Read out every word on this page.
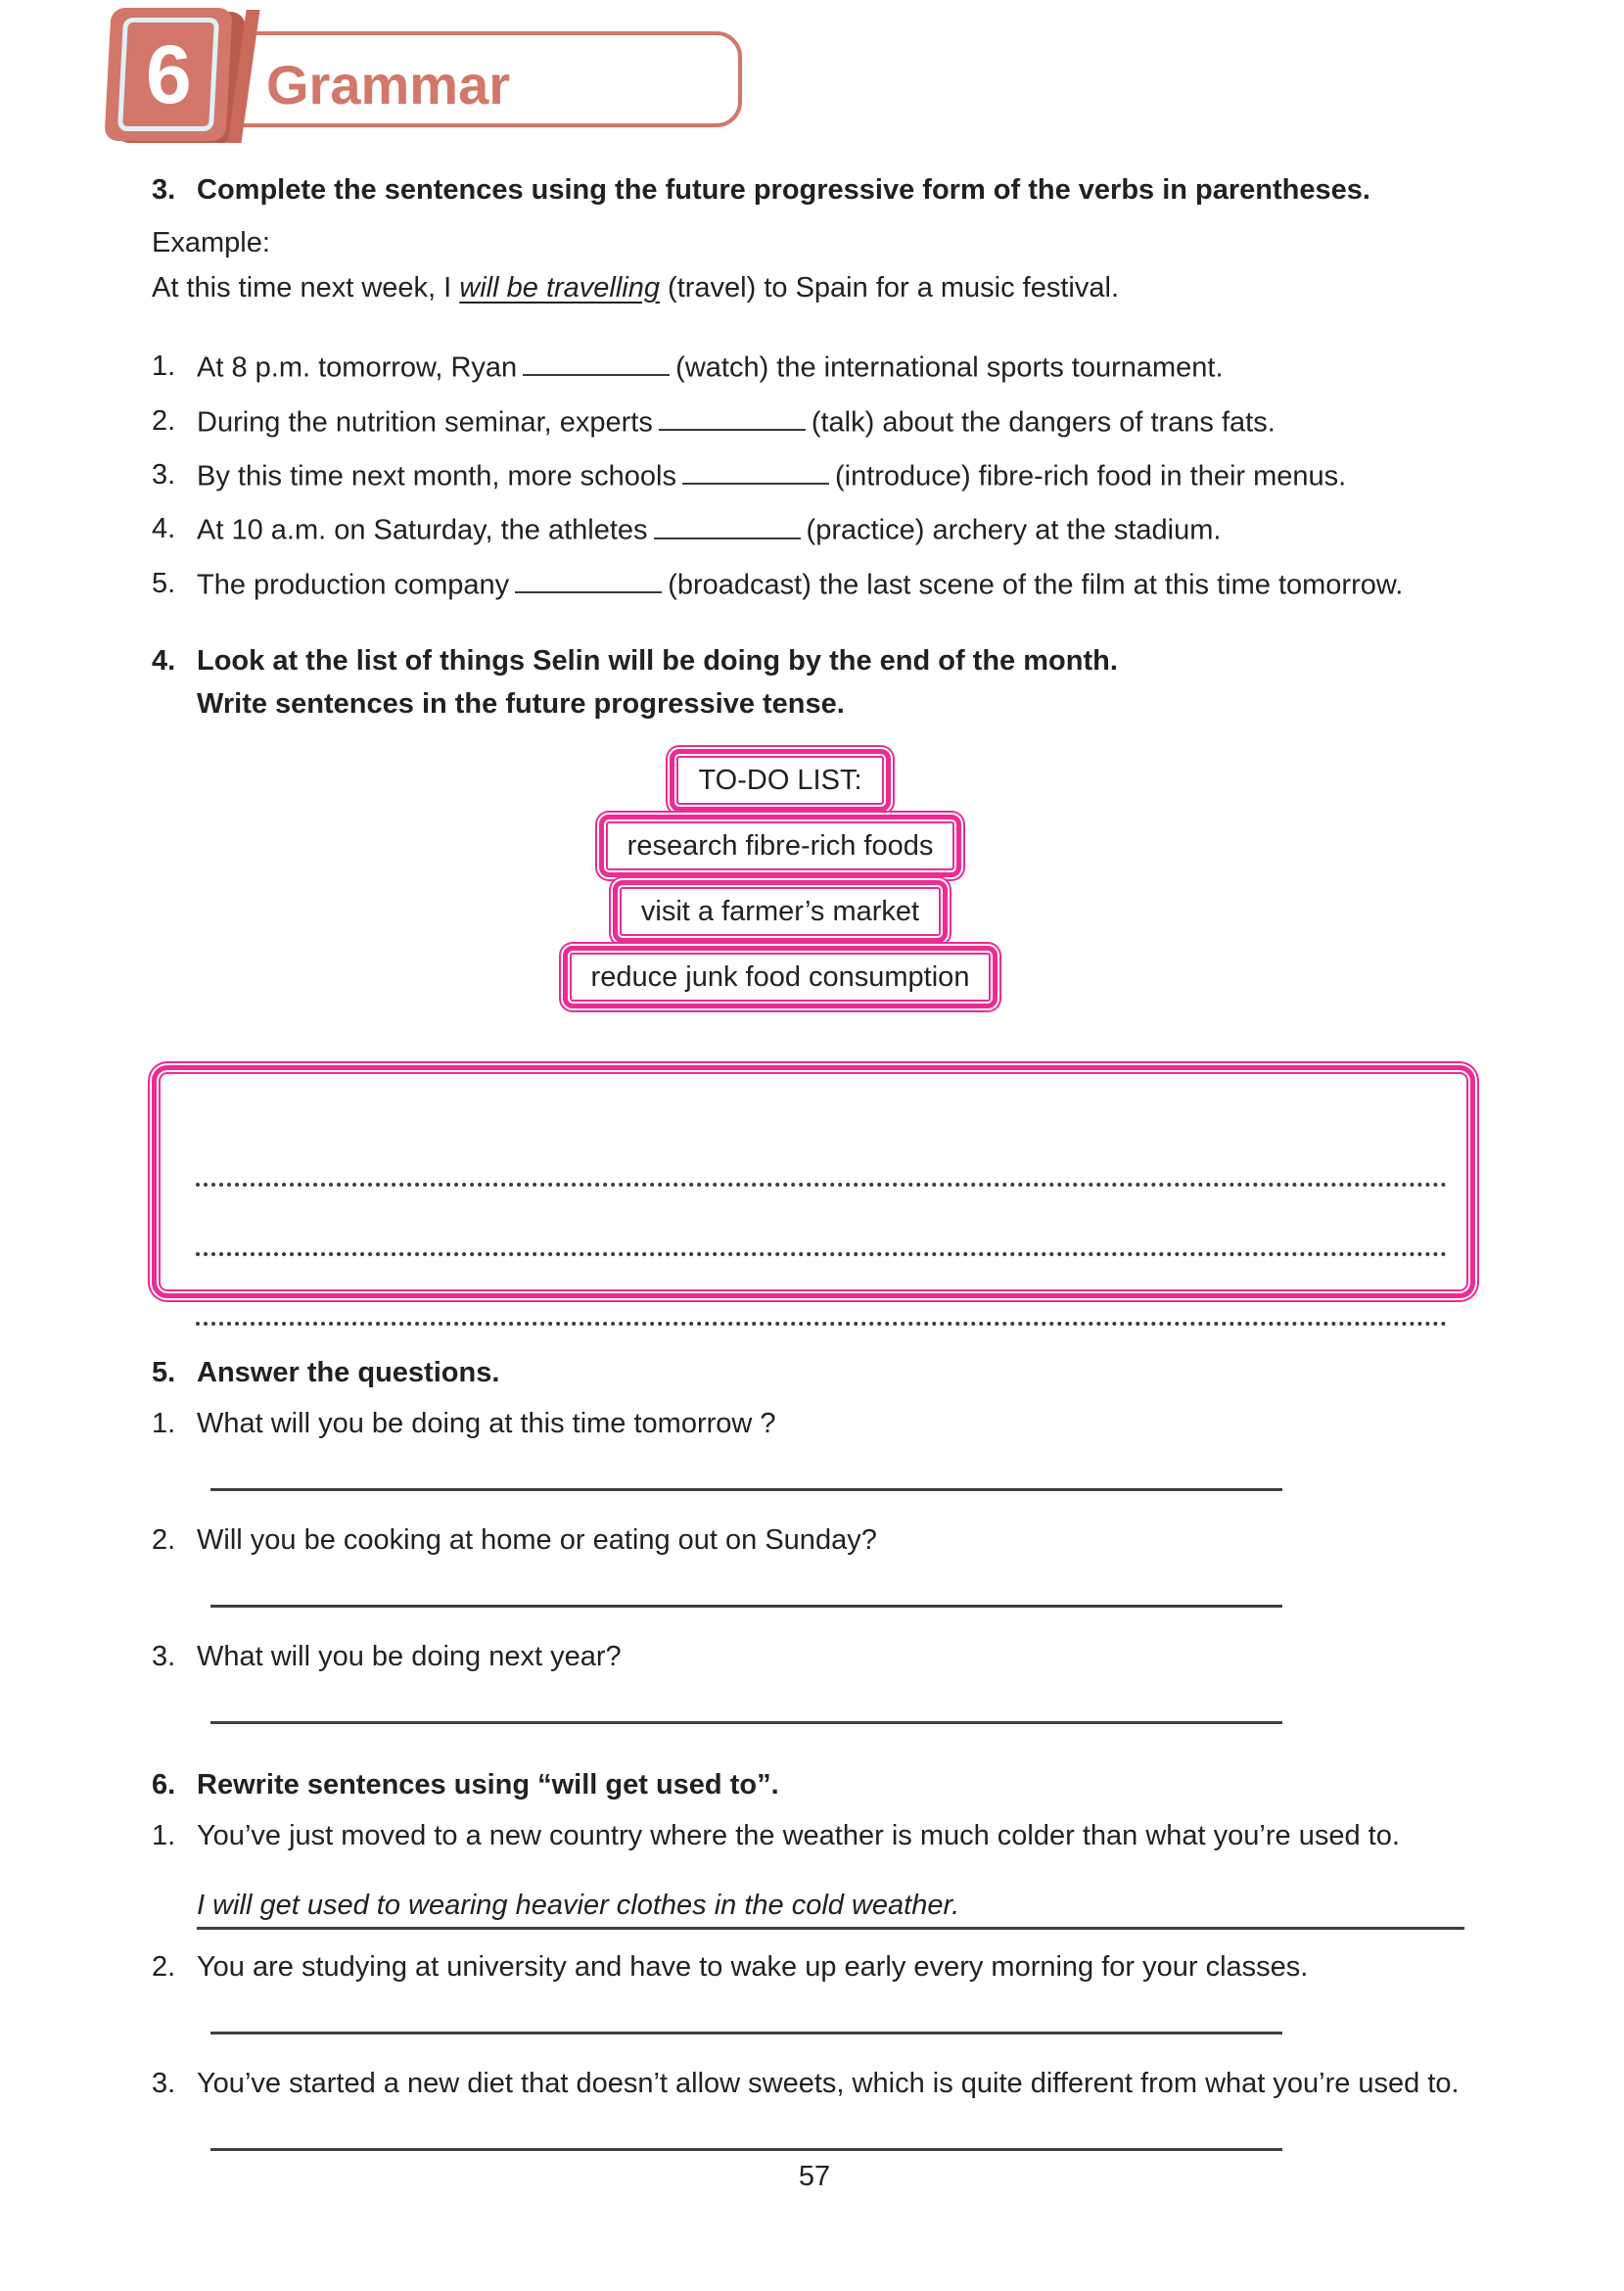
6 Grammar
3. Complete the sentences using the future progressive form of the verbs in parentheses.
Example:
At this time next week, I will be travelling (travel) to Spain for a music festival.
1. At 8 p.m. tomorrow, Ryan	(watch) the international sports tournament.
2. During the nutrition seminar, experts	(talk) about the dangers of trans fats.
3. By this time next month, more schools	(introduce) fibre-rich food in their menus.
4. At 10 a.m. on Saturday, the athletes	(practice) archery at the stadium.
5. The production company	(broadcast) the last scene of the film at this time tomorrow.
4. Look at the list of things Selin will be doing by the end of the month.
Write sentences in the future progressive tense.
TO-DO LIST:
research fibre-rich foods
visit a farmer’s market
reduce junk food consumption
5. Answer the questions.
1. What will you be doing at this time tomorrow ?
2. Will you be cooking at home or eating out on Sunday?
3. What will you be doing next year?
6. Rewrite sentences using “will get used to”.
1. You’ve just moved to a new country where the weather is much colder than what you’re used to.
I will get used to wearing heavier clothes in the cold weather.
2. You are studying at university and have to wake up early every morning for your classes.
3. You’ve started a new diet that doesn’t allow sweets, which is quite different from what you’re used to.
57
